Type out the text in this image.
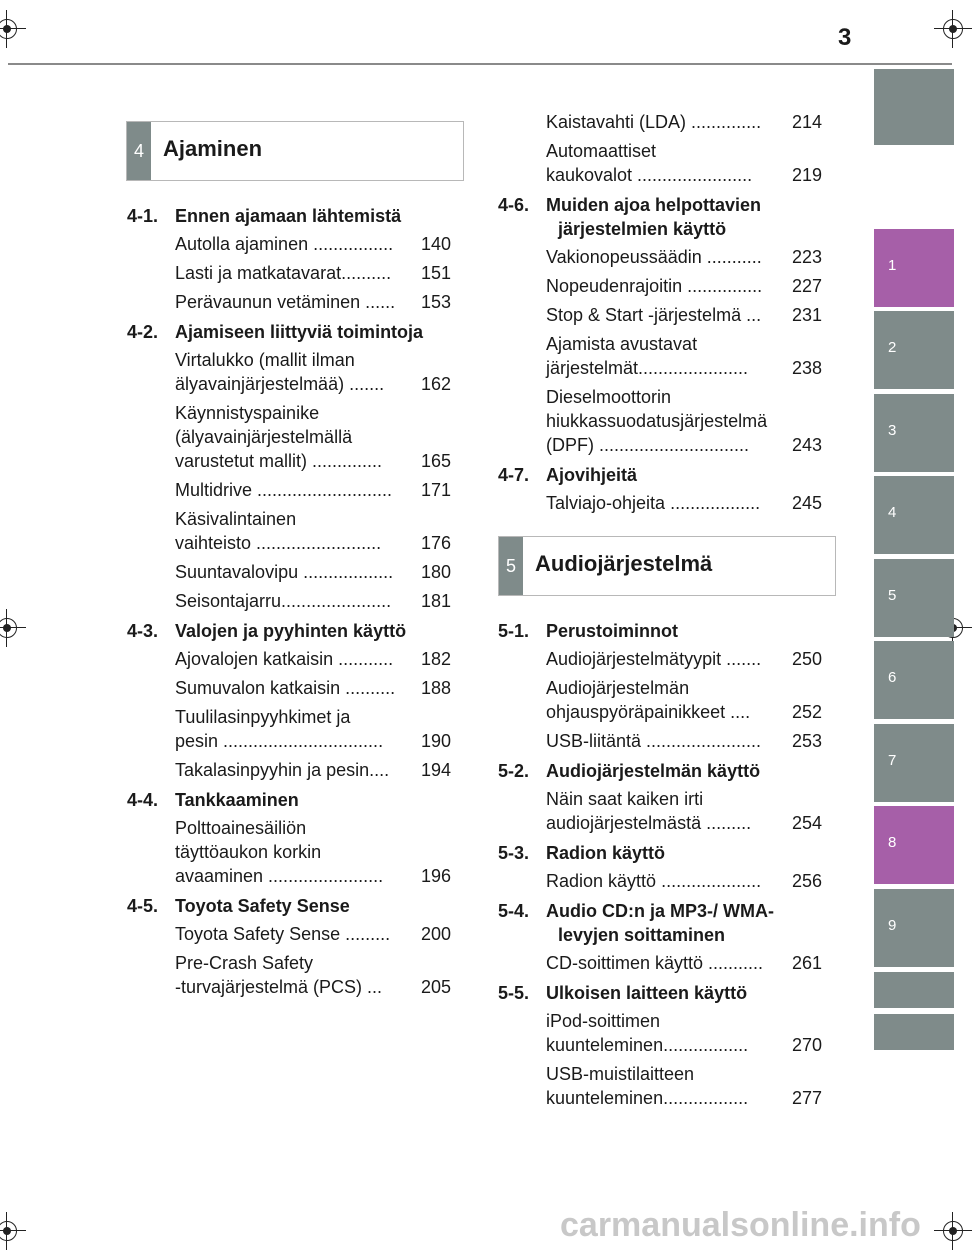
3
1
2
3
4
5
6
7
8
9
4 Ajaminen
5 Audiojärjestelmä
4-1. Ennen ajamaan lähtemistä
Autolla ajaminen ................	140
Lasti ja matkatavarat..........	151
Perävaunun vetäminen ......	153
4-2. Ajamiseen liittyviä toimintoja
Virtalukko (mallit ilman
älyavainjärjestelmää) .......	162
Käynnistyspainike
(älyavainjärjestelmällä
varustetut mallit) ..............	165
Multidrive ...........................	171
Käsivalintainen
vaihteisto .........................	176
Suuntavalovipu ..................	180
Seisontajarru......................	181
4-3. Valojen ja pyyhinten käyttö
Ajovalojen katkaisin ...........	182
Sumuvalon katkaisin ..........	188
Tuulilasinpyyhkimet ja
pesin ................................	190
Takalasinpyyhin ja pesin....	194
4-4. Tankkaaminen
Polttoainesäiliön
täyttöaukon korkin
avaaminen .......................	196
4-5. Toyota Safety Sense
Toyota Safety Sense .........	200
Pre-Crash Safety
-turvajärjestelmä (PCS) ...	205
Kaistavahti (LDA) ..............	214
Automaattiset
kaukovalot .......................	219
4-6. Muiden ajoa helpottavien järjestelmien käyttö
Vakionopeussäädin ...........	223
Nopeudenrajoitin ...............	227
Stop & Start -järjestelmä ...	231
Ajamista avustavat
järjestelmät......................	238
Dieselmoottorin
hiukkassuodatusjärjestelmä
(DPF) ..............................	243
4-7. Ajovihjeitä
Talviajo-ohjeita ..................	245
5-1. Perustoiminnot
Audiojärjestelmätyypit .......	250
Audiojärjestelmän
ohjauspyöräpainikkeet ....	252
USB-liitäntä .......................	253
5-2. Audiojärjestelmän käyttö
Näin saat kaiken irti
audiojärjestelmästä .........	254
5-3. Radion käyttö
Radion käyttö ....................	256
5-4. Audio CD:n ja MP3-/ WMA-levyjen soittaminen
CD-soittimen käyttö ...........	261
5-5. Ulkoisen laitteen käyttö
iPod-soittimen
kuunteleminen.................	270
USB-muistilaitteen
kuunteleminen.................	277
carmanualsonline.info
